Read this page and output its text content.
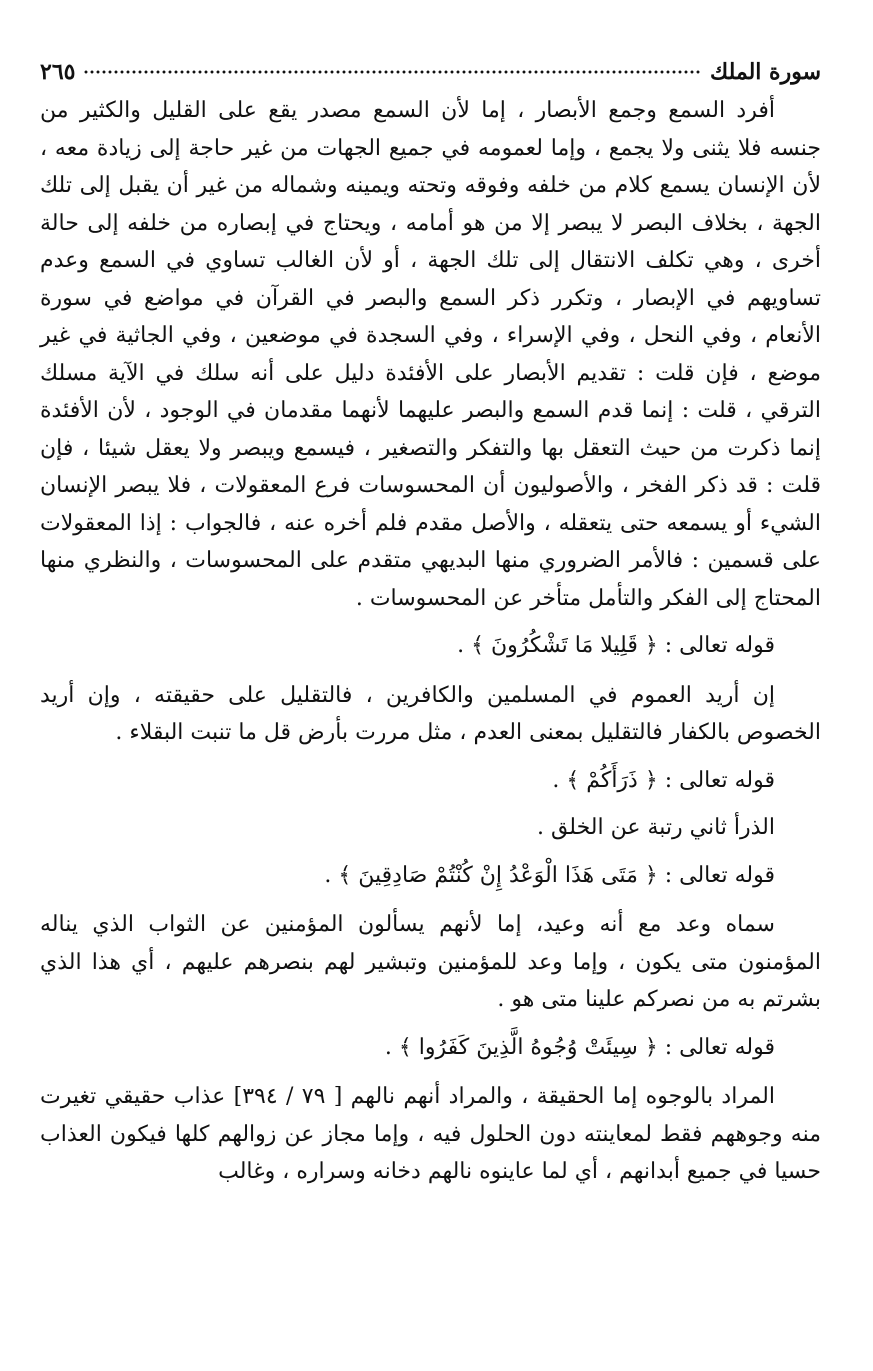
سورة الملك
٢٦٥

أفرد السمع وجمع الأبصار ، إما لأن السمع مصدر يقع على القليل والكثير من جنسه فلا يثنى ولا يجمع ، وإما لعمومه في جميع الجهات من غير حاجة إلى زيادة معه ، لأن الإنسان يسمع كلام من خلفه وفوقه وتحته ويمينه وشماله من غير أن يقبل إلى تلك الجهة ، بخلاف البصر لا يبصر إلا من هو أمامه ، ويحتاج في إبصاره من خلفه إلى حالة أخرى ، وهي تكلف الانتقال إلى تلك الجهة ، أو لأن الغالب تساوي في السمع وعدم تساويهم في الإبصار ، وتكرر ذكر السمع والبصر في القرآن في مواضع في سورة الأنعام ، وفي النحل ، وفي الإسراء ، وفي السجدة في موضعين ، وفي الجاثية في غير موضع ، فإن قلت : تقديم الأبصار على الأفئدة دليل على أنه سلك في الآية مسلك الترقي ، قلت : إنما قدم السمع والبصر عليهما لأنهما مقدمان في الوجود ، لأن الأفئدة إنما ذكرت من حيث التعقل بها والتفكر والتصغير ، فيسمع ويبصر ولا يعقل شيئا ، فإن قلت : قد ذكر الفخر ، والأصوليون أن المحسوسات فرع المعقولات ، فلا يبصر الإنسان الشيء أو يسمعه حتى يتعقله ، والأصل مقدم فلم أخره عنه ، فالجواب : إذا المعقولات على قسمين : فالأمر الضروري منها البديهي متقدم على المحسوسات ، والنظري منها المحتاج إلى الفكر والتأمل متأخر عن المحسوسات .

قوله تعالى : ﴿ قَلِيلا مَا تَشْكُرُونَ ﴾ .

إن أريد العموم في المسلمين والكافرين ، فالتقليل على حقيقته ، وإن أريد الخصوص بالكفار فالتقليل بمعنى العدم ، مثل مررت بأرض قل ما تنبت البقلاء .

قوله تعالى : ﴿ ذَرَأَكُمْ ﴾ .

الذرأ ثاني رتبة عن الخلق .

قوله تعالى : ﴿ مَتَى هَذَا الْوَعْدُ إِنْ كُنْتُمْ صَادِقِينَ ﴾ .

سماه وعد مع أنه وعيد، إما لأنهم يسألون المؤمنين عن الثواب الذي يناله المؤمنون متى يكون ، وإما وعد للمؤمنين وتبشير لهم بنصرهم عليهم ، أي هذا الذي بشرتم به من نصركم علينا متى هو .

قوله تعالى : ﴿ سِيئَتْ وُجُوهُ الَّذِينَ كَفَرُوا ﴾ .

المراد بالوجوه إما الحقيقة ، والمراد أنهم نالهم [ ٧٩ / ٣٩٤] عذاب حقيقي تغيرت منه وجوههم فقط لمعاينته دون الحلول فيه ، وإما مجاز عن زوالهم كلها فيكون العذاب حسيا في جميع أبدانهم ، أي لما عاينوه نالهم دخانه وسراره ، وغالب
